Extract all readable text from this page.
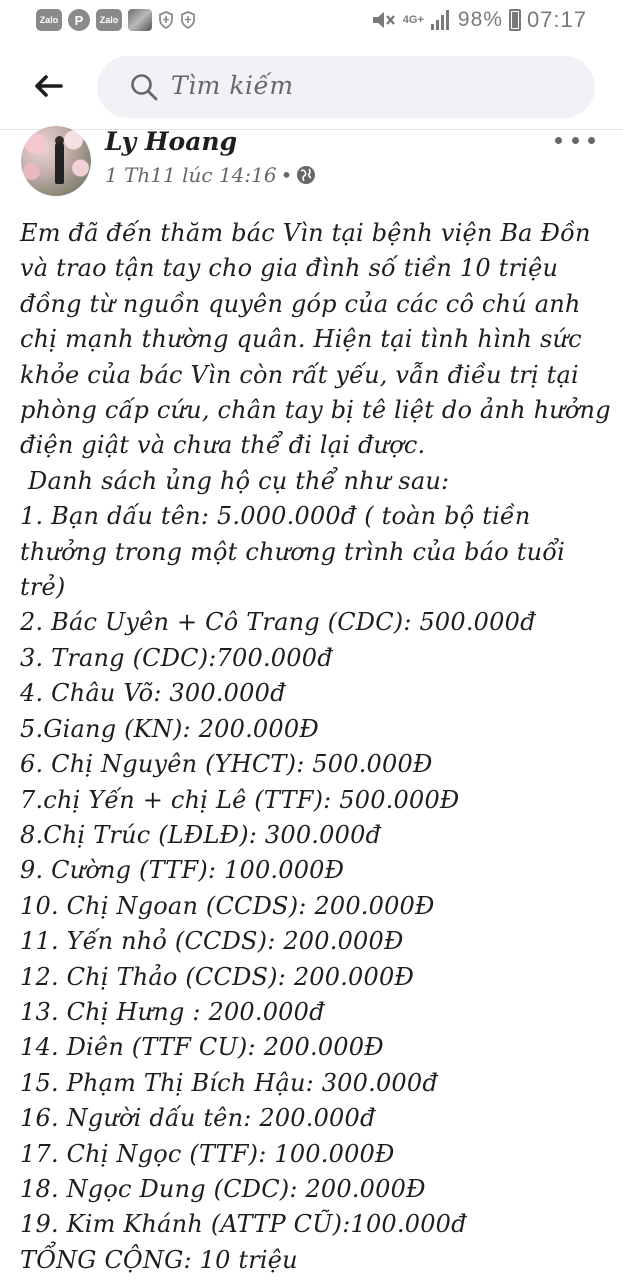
Zalo	P	Zalo	4G+ 98% 07:17
Tìm kiếm
Ly Hoang
1 Th11 lúc 14:16 •

Em đã đến thăm bác Vìn tại bệnh viện Ba Đồn và trao tận tay cho gia đình số tiền 10 triệu đồng từ nguồn quyên góp của các cô chú anh chị mạnh thường quân. Hiện tại tình hình sức khỏe của bác Vìn còn rất yếu, vẫn điều trị tại phòng cấp cứu, chân tay bị tê liệt do ảnh hưởng điện giật và chưa thể đi lại được.

Danh sách ủng hộ cụ thể như sau:

1. Bạn dấu tên: 5.000.000đ ( toàn bộ tiền thưởng trong một chương trình của báo tuổi trẻ)

2. Bác Uyên + Cô Trang (CDC): 500.000đ
3. Trang (CDC):700.000đ
4. Châu Võ: 300.000đ
5.Giang (KN): 200.000Đ
6. Chị Nguyên (YHCT): 500.000Đ
7.chị Yến + chị Lê (TTF): 500.000Đ
8.Chị Trúc (LĐLĐ): 300.000đ
9. Cường (TTF): 100.000Đ
10. Chị Ngoan (CCDS): 200.000Đ
11. Yến nhỏ (CCDS): 200.000Đ
12. Chị Thảo (CCDS): 200.000Đ
13. Chị Hưng : 200.000đ
14. Diên (TTF CU): 200.000Đ
15. Phạm Thị Bích Hậu: 300.000đ
16. Người dấu tên: 200.000đ
17. Chị Ngọc (TTF): 100.000Đ
18. Ngọc Dung (CDC): 200.000Đ
19. Kim Khánh (ATTP CŨ):100.000đ
TỔNG CỘNG: 10 triệu
